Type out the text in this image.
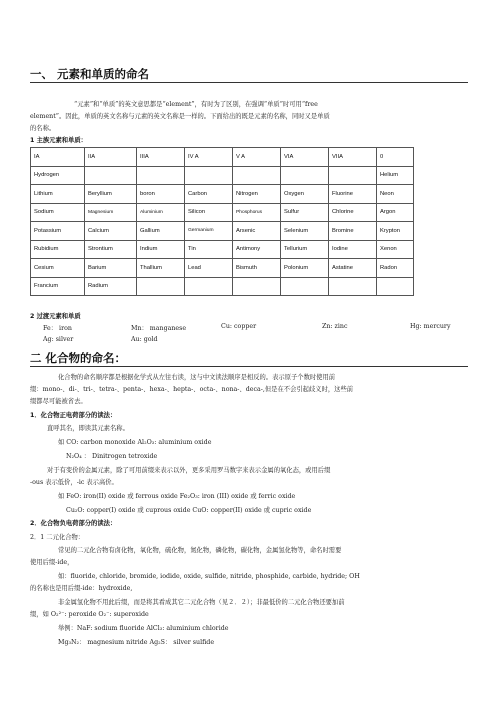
一、 元素和单质的命名
“元素”和“单质”的英文意思都是“element”，有时为了区别，在强调“单质”时可用“free
element”。因此，单质的英文名称与元素的英文名称是一样的。下面给出的既是元素的名称，同时又是单质
的名称。
1 主族元素和单质：
IA	IIA	IIIA	IV A	V A	VIA	VIIA	0
Hydrogen							Helium
Lithium	Beryllium	boron	Carbon	Nitrogen	Oxygen	Fluorine	Neon
Sodium	Magnesium	Aluminium	Silicon	Phosphorus	Sulfur	Chlorine	Argon
Potassium	Calcium	Gallium	Germanium	Arsenic	Selenium	Bromine	Krypton
Rubidium	Strontium	Indium	Tin	Antimony	Tellurium	Iodine	Xenon
Cesium	Barium	Thallium	Lead	Bismuth	Polonium	Astatine	Radon
Francium	Radium						
2 过渡元素和单质
Fe： iron	Mn： manganese	Cu: copper	Zn: zinc	Hg: mercury
Ag: silver	Au: gold
二 化合物的命名：
化合物的命名顺序都是根据化学式从左往右读，这与中文读法顺序是相反的。表示原子个数时使用前
缀：mono-、di-、tri-、tetra-、penta-、hexa-、hepta-、octa-、nona-、deca-,但是在不会引起歧义时，这些前
缀都尽可能被省去。
1．化合物正电荷部分的读法：
直呼其名，即读其元素名称。
如 CO: carbon monoxide Al₂O₃: aluminium oxide
N₂O₄ ： Dinitrogen tetroxide
对于有变价的金属元素，除了可用前缀来表示以外，更多采用罗马数字来表示金属的氧化态，或用后缀
-ous 表示低价，-ic 表示高价。
如 FeO: iron(II) oxide 或 ferrous oxide Fe₂O₃: iron (III) oxide 或 ferric oxide
Cu₂O: copper(I) oxide 或 cuprous oxide CuO: copper(II) oxide 或 cupric oxide
2．化合物负电荷部分的读法：
2．1 二元化合物：
常见的二元化合物有卤化物，氧化物，硫化物，氮化物，磷化物，碳化物，金属氢化物等，命名时需要
使用后缀-ide，
如：fluoride, chloride, bromide, iodide, oxide, sulfide, nitride, phosphide, carbide, hydride; OH
的名称也是用后缀-ide：hydroxide,
非金属氢化物不用此后缀，而是将其看成其它二元化合物（见２．２）；非最低价的二元化合物还要加前
缀，如 O₂²⁻: peroxide O₂⁻: superoxide
举例：NaF: sodium fluoride AlCl₃: aluminium chloride
Mg₃N₂： magnesium nitride Ag₂S： silver sulfide
